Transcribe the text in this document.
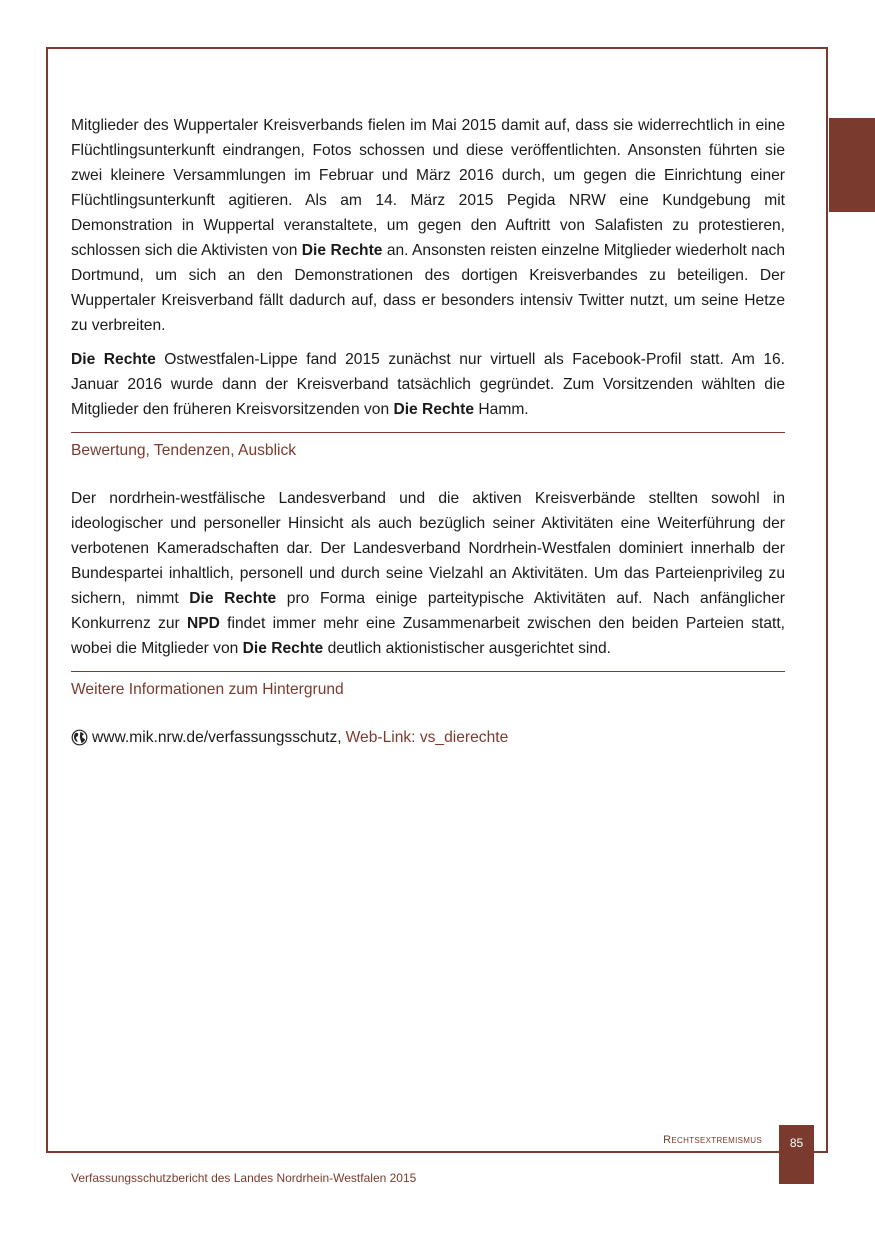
Mitglieder des Wuppertaler Kreisverbands fielen im Mai 2015 damit auf, dass sie widerrechtlich in eine Flüchtlingsunterkunft eindrangen, Fotos schossen und diese veröffentlichten. Ansonsten führten sie zwei kleinere Versammlungen im Februar und März 2016 durch, um gegen die Einrichtung einer Flüchtlingsunterkunft agitieren. Als am 14. März 2015 Pegida NRW eine Kundgebung mit Demonstration in Wuppertal veranstaltete, um gegen den Auftritt von Salafisten zu protestieren, schlossen sich die Aktivisten von Die Rechte an. Ansonsten reisten einzelne Mitglieder wiederholt nach Dortmund, um sich an den Demonstrationen des dortigen Kreisverbandes zu beteiligen. Der Wuppertaler Kreisverband fällt dadurch auf, dass er besonders intensiv Twitter nutzt, um seine Hetze zu verbreiten.

Die Rechte Ostwestfalen-Lippe fand 2015 zunächst nur virtuell als Facebook-Profil statt. Am 16. Januar 2016 wurde dann der Kreisverband tatsächlich gegründet. Zum Vorsitzenden wählten die Mitglieder den früheren Kreisvorsitzenden von Die Rechte Hamm.

Bewertung, Tendenzen, Ausblick

Der nordrhein-westfälische Landesverband und die aktiven Kreisverbände stellten sowohl in ideologischer und personeller Hinsicht als auch bezüglich seiner Aktivitäten eine Weiterführung der verbotenen Kameradschaften dar. Der Landesverband Nordrhein-Westfalen dominiert innerhalb der Bundespartei inhaltlich, personell und durch seine Vielzahl an Aktivitäten. Um das Parteienprivileg zu sichern, nimmt Die Rechte pro Forma einige parteitypische Aktivitäten auf. Nach anfänglicher Konkurrenz zur NPD findet immer mehr eine Zusammenarbeit zwischen den beiden Parteien statt, wobei die Mitglieder von Die Rechte deutlich aktionistischer ausgerichtet sind.

Weitere Informationen zum Hintergrund
www.mik.nrw.de/verfassungsschutz, Web-Link: vs_dierechte
Rechtsextremismus	85
Verfassungsschutzbericht des Landes Nordrhein-Westfalen 2015
